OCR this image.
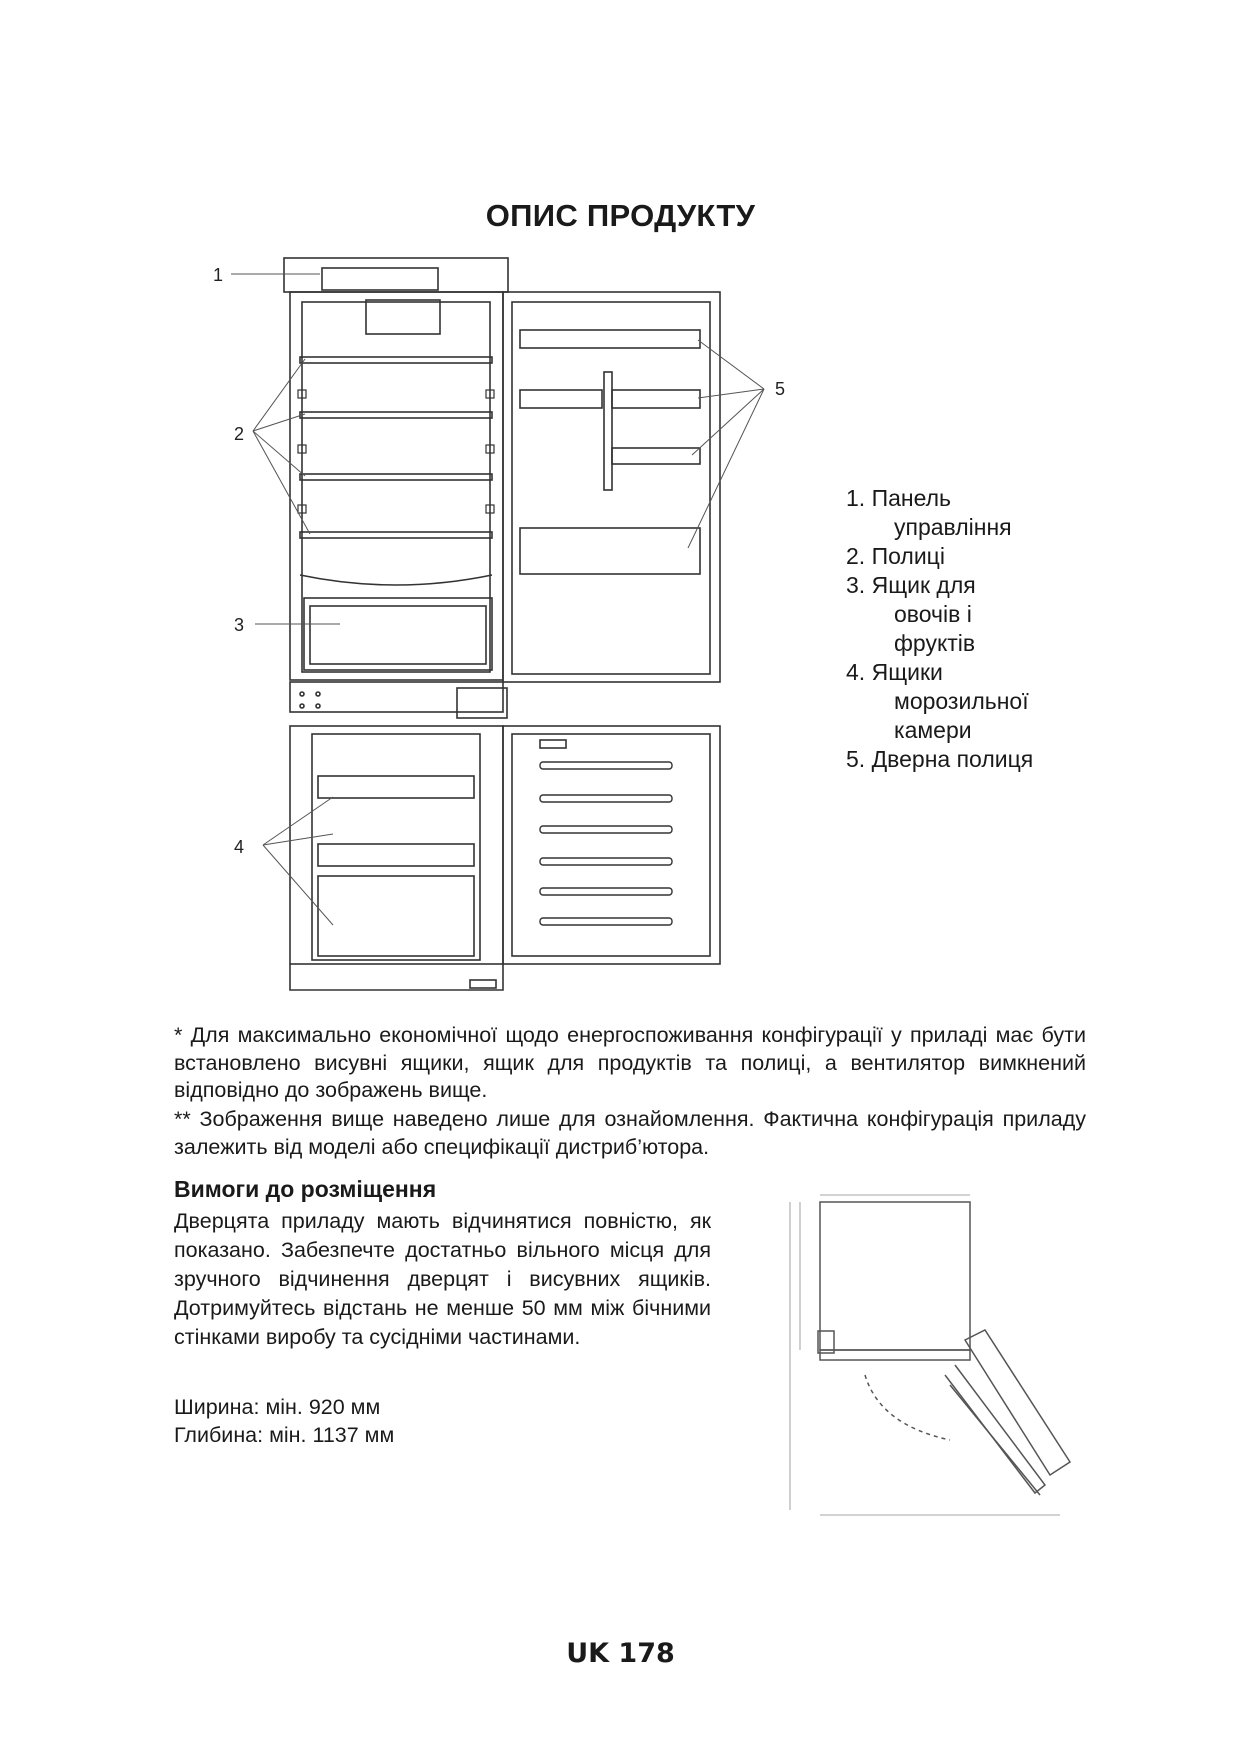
ОПИС ПРОДУКТУ
1
2
3
4
5
1. Панель
управління
2. Полиці
3. Ящик для
овочів і
фруктів
4. Ящики
морозильної
камери
5. Дверна полиця
* Для максимально економічної щодо енергоспоживання конфігурації у приладі має бути встановлено висувні ящики, ящик для продуктів та полиці, а вентилятор вимкнений відповідно до зображень вище.
** Зображення вище наведено лише для ознайомлення. Фактична конфігурація приладу залежить від моделі або специфікації дистриб’ютора.
Вимоги до розміщення
Дверцята приладу мають відчинятися повністю, як показано. Забезпечте достатньо вільного місця для зручного відчинення дверцят і висувних ящиків. Дотримуйтесь відстань не менше 50 мм між бічними стінками виробу та сусідніми частинами.
Ширина: мін. 920 мм
Глибина: мін. 1137 мм
UK 178
